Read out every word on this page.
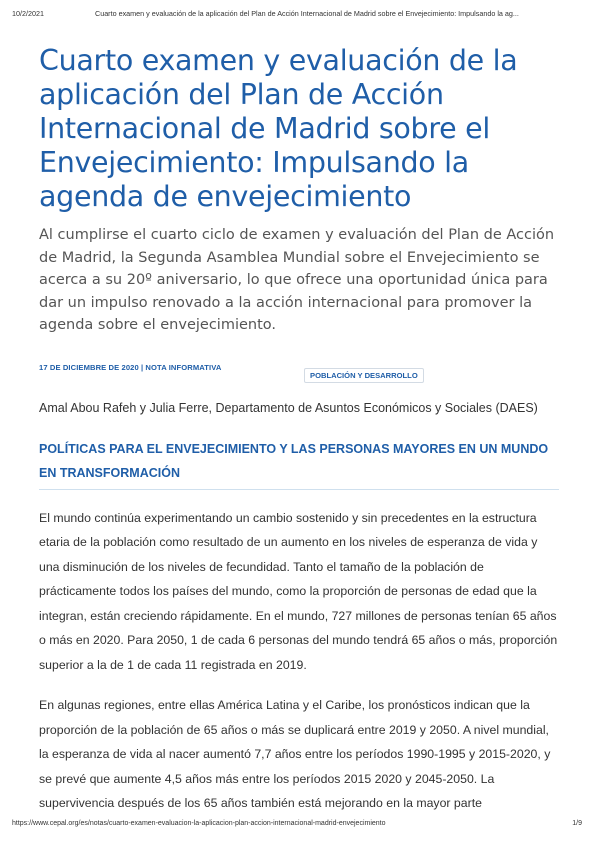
10/2/2021	Cuarto examen y evaluación de la aplicación del Plan de Acción Internacional de Madrid sobre el Envejecimiento: Impulsando la ag...
Cuarto examen y evaluación de la aplicación del Plan de Acción Internacional de Madrid sobre el Envejecimiento: Impulsando la agenda de envejecimiento
Al cumplirse el cuarto ciclo de examen y evaluación del Plan de Acción de Madrid, la Segunda Asamblea Mundial sobre el Envejecimiento se acerca a su 20º aniversario, lo que ofrece una oportunidad única para dar un impulso renovado a la acción internacional para promover la agenda sobre el envejecimiento.
17 DE DICIEMBRE DE 2020 | NOTA INFORMATIVA
POBLACIÓN Y DESARROLLO
Amal Abou Rafeh y Julia Ferre, Departamento de Asuntos Económicos y Sociales (DAES)
POLÍTICAS PARA EL ENVEJECIMIENTO Y LAS PERSONAS MAYORES EN UN MUNDO EN TRANSFORMACIÓN

El mundo continúa experimentando un cambio sostenido y sin precedentes en la estructura etaria de la población como resultado de un aumento en los niveles de esperanza de vida y una disminución de los niveles de fecundidad. Tanto el tamaño de la población de prácticamente todos los países del mundo, como la proporción de personas de edad que la integran, están creciendo rápidamente. En el mundo, 727 millones de personas tenían 65 años o más en 2020. Para 2050, 1 de cada 6 personas del mundo tendrá 65 años o más, proporción superior a la de 1 de cada 11 registrada en 2019.

En algunas regiones, entre ellas América Latina y el Caribe, los pronósticos indican que la proporción de la población de 65 años o más se duplicará entre 2019 y 2050. A nivel mundial, la esperanza de vida al nacer aumentó 7,7 años entre los períodos 1990-1995 y 2015-2020, y se prevé que aumente 4,5 años más entre los períodos 2015 2020 y 2045-2050. La supervivencia después de los 65 años también está mejorando en la mayor parte

https://www.cepal.org/es/notas/cuarto-examen-evaluacion-la-aplicacion-plan-accion-internacional-madrid-envejecimiento	1/9
